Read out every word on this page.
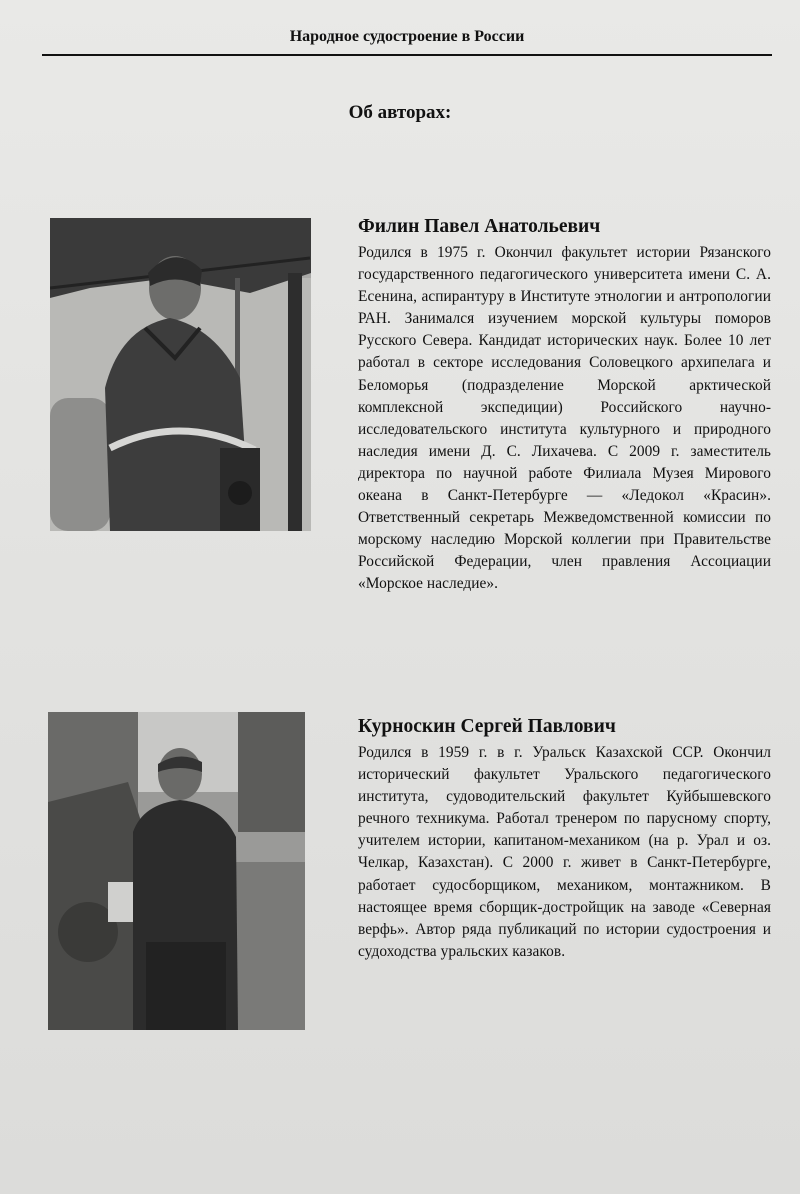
Народное судостроение в России
Об авторах:
Филин Павел Анатольевич

Родился в 1975 г. Окончил факультет истории Рязанского государственного педагогического университета имени С. А. Есенина, аспирантуру в Институте этнологии и антропологии РАН. Занимался изучением морской культуры поморов Русского Севера. Кандидат исторических наук. Более 10 лет работал в секторе исследования Соловецкого архипелага и Беломорья (подразделение Морской арктической комплексной экспедиции) Российского научно-исследовательского института культурного и природного наследия имени Д. С. Лихачева. С 2009 г. заместитель директора по научной работе Филиала Музея Мирового океана в Санкт-Петербурге — «Ледокол «Красин». Ответственный секретарь Межведомственной комиссии по морскому наследию Морской коллегии при Правительстве Российской Федерации, член правления Ассоциации «Морское наследие».

Курноскин Сергей Павлович

Родился в 1959 г. в г. Уральск Казахской ССР. Окончил исторический факультет Уральского педагогического института, судоводительский факультет Куйбышевского речного техникума. Работал тренером по парусному спорту, учителем истории, капитаном-механиком (на р. Урал и оз. Челкар, Казахстан). С 2000 г. живет в Санкт-Петербурге, работает судосборщиком, механиком, монтажником. В настоящее время сборщик-достройщик на заводе «Северная верфь». Автор ряда публикаций по истории судостроения и судоходства уральских казаков.
